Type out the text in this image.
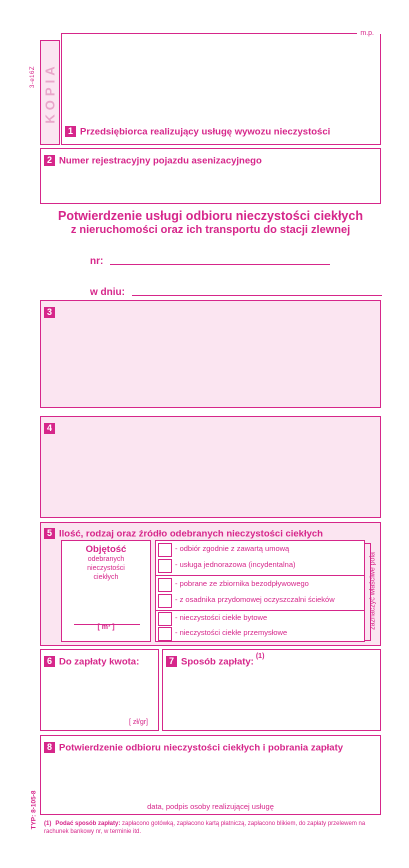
3-e16Z KOPIA
m.p.
1 Przedsiębiorca realizujący usługę wywozu nieczystości
2 Numer rejestracyjny pojazdu asenizacyjnego
Potwierdzenie usługi odbioru nieczystości ciekłych
z nieruchomości oraz ich transportu do stacji zlewnej
nr:
w dniu:
3
4
5 Ilość, rodzaj oraz źródło odebranych nieczystości ciekłych
Objętość
odebranych
nieczystości
ciekłych
[ m³ ]
- odbiór zgodnie z zawartą umową
- usługa jednorazowa (incydentalna)
- pobrane ze zbiornika bezodpływowego
- z osadnika przydomowej oczyszczalni ścieków
- nieczystości ciekłe bytowe
- nieczystości ciekłe przemysłowe
zaznaczyć właściwe pola
6 Do zapłaty kwota:
[ zł/gr]
7 Sposób zapłaty: $^{(1)}$
8 Potwierdzenie odbioru nieczystości ciekłych i pobrania zapłaty
data, podpis osoby realizującej usługę
TYP: 8-105-8 (1) Podać sposób zapłaty: zapłacono gotówką, zapłacono kartą płatniczą, zapłacono blikiem, do zapłaty przelewem na rachunek bankowy nr, w terminie itd.
